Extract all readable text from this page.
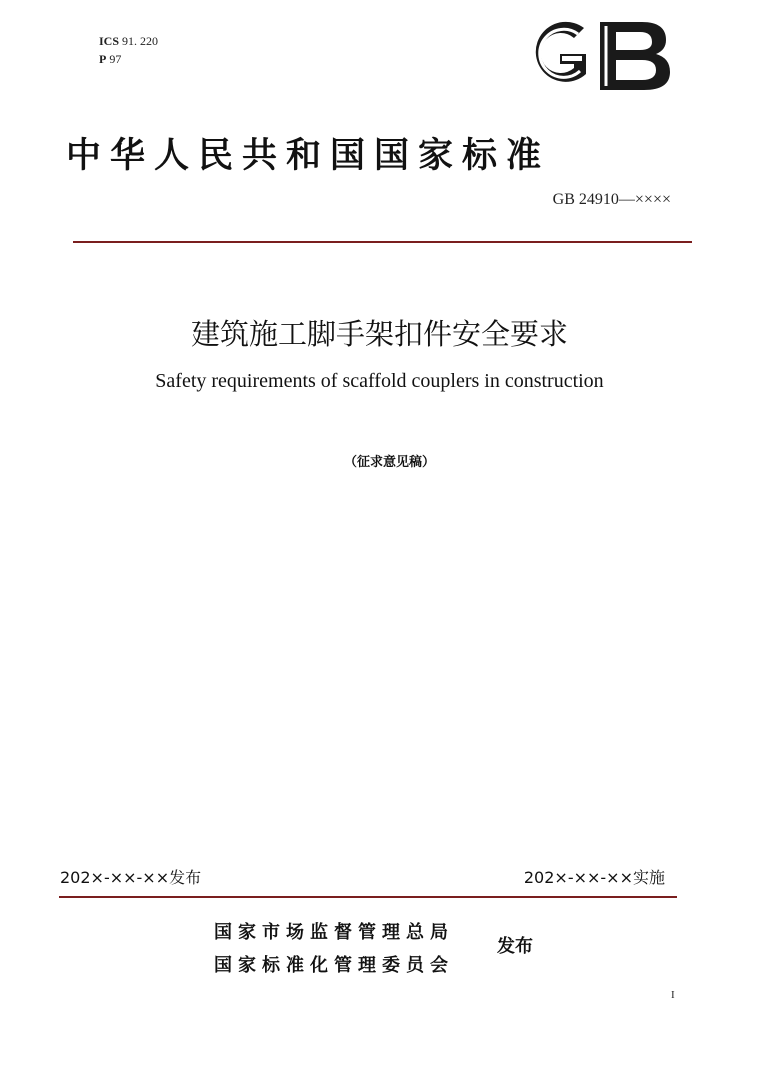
ICS 91. 220
P 97
中华人民共和国国家标准
GB 24910—××××
建筑施工脚手架扣件安全要求
Safety requirements of scaffold couplers in construction
（征求意见稿）
202×-××-××发布	202×-××-××实施
国家市场监督管理总局
国家标准化管理委员会
发布
I
